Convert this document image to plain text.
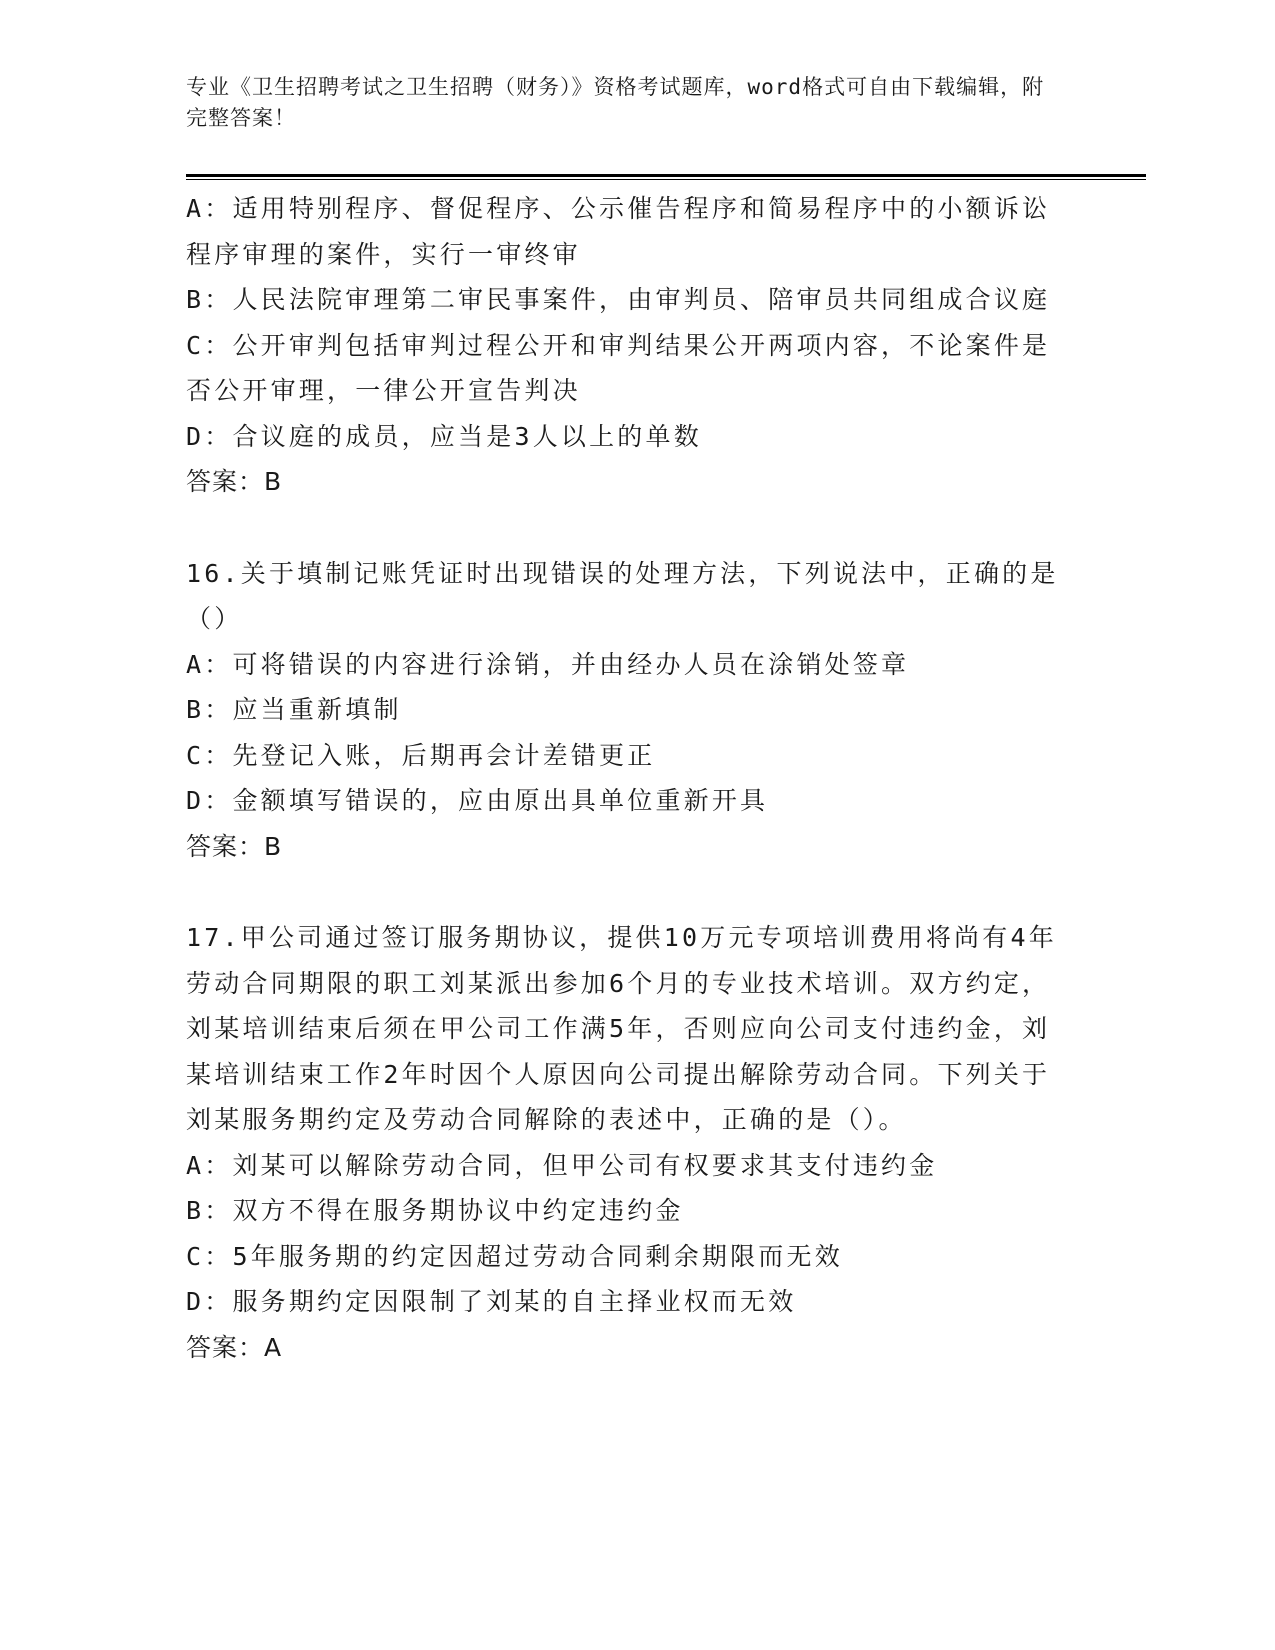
专业《卫生招聘考试之卫生招聘（财务）》资格考试题库，word格式可自由下载编辑，附完整答案！

A：适用特别程序、督促程序、公示催告程序和简易程序中的小额诉讼程序审理的案件，实行一审终审

B：人民法院审理第二审民事案件，由审判员、陪审员共同组成合议庭

C：公开审判包括审判过程公开和审判结果公开两项内容，不论案件是否公开审理，一律公开宣告判决

D：合议庭的成员，应当是3人以上的单数

答案：B

16.关于填制记账凭证时出现错误的处理方法，下列说法中，正确的是（）

A：可将错误的内容进行涂销，并由经办人员在涂销处签章

B：应当重新填制

C：先登记入账，后期再会计差错更正

D：金额填写错误的，应由原出具单位重新开具

答案：B

17.甲公司通过签订服务期协议，提供10万元专项培训费用将尚有4年劳动合同期限的职工刘某派出参加6个月的专业技术培训。双方约定，刘某培训结束后须在甲公司工作满5年，否则应向公司支付违约金，刘某培训结束工作2年时因个人原因向公司提出解除劳动合同。下列关于刘某服务期约定及劳动合同解除的表述中，正确的是（）。

A：刘某可以解除劳动合同，但甲公司有权要求其支付违约金

B：双方不得在服务期协议中约定违约金

C：5年服务期的约定因超过劳动合同剩余期限而无效

D：服务期约定因限制了刘某的自主择业权而无效

答案：A
